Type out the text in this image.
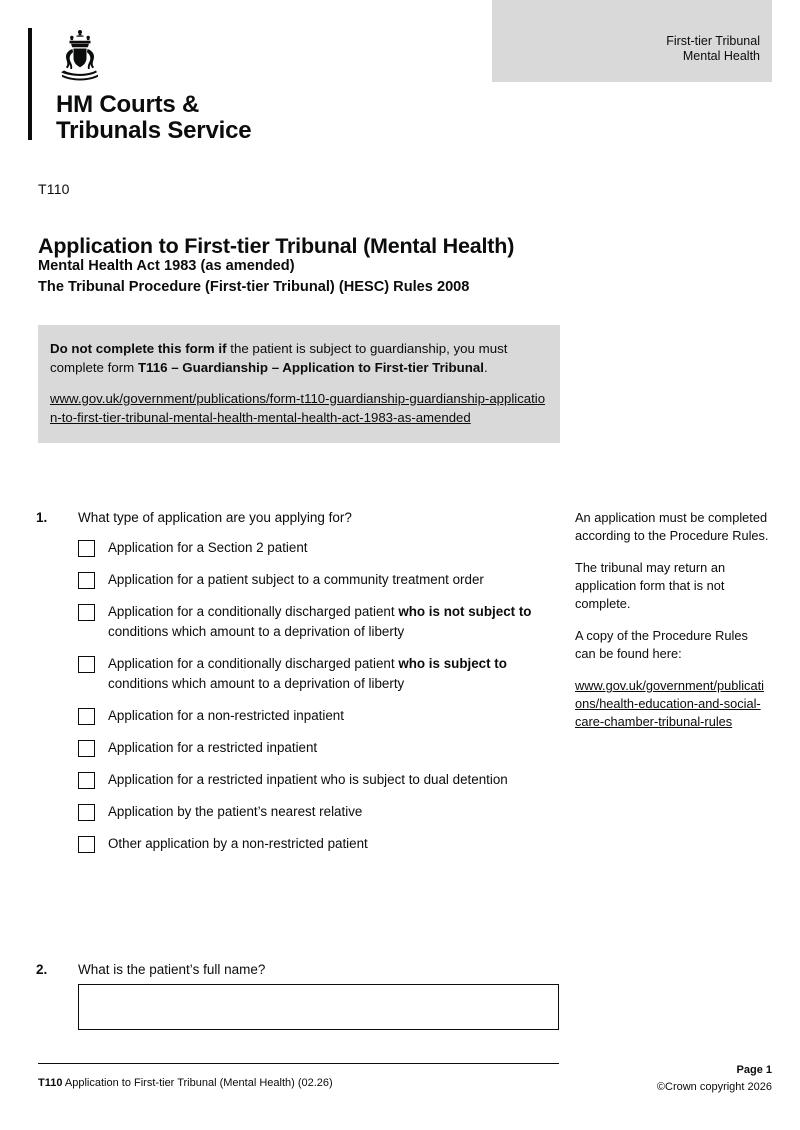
First-tier Tribunal
Mental Health
HM Courts &
Tribunals Service
T110
Application to First-tier Tribunal (Mental Health)
Mental Health Act 1983 (as amended)
The Tribunal Procedure (First-tier Tribunal) (HESC) Rules 2008

Do not complete this form if the patient is subject to guardianship, you must complete form T116 – Guardianship – Application to First-tier Tribunal.

www.gov.uk/government/publications/form-t110-guardianship-guardianship-application-to-first-tier-tribunal-mental-health-mental-health-act-1983-as-amended
1. What type of application are you applying for?
Application for a Section 2 patient
Application for a patient subject to a community treatment order
Application for a conditionally discharged patient who is not subject to conditions which amount to a deprivation of liberty
Application for a conditionally discharged patient who is subject to conditions which amount to a deprivation of liberty
Application for a non-restricted inpatient
Application for a restricted inpatient
Application for a restricted inpatient who is subject to dual detention
Application by the patient’s nearest relative
Other application by a non-restricted patient
2. What is the patient’s full name?

An application must be completed according to the Procedure Rules.

The tribunal may return an application form that is not complete.

A copy of the Procedure Rules can be found here:

www.gov.uk/government/publications/health-education-and-social-care-chamber-tribunal-rules
T110 Application to First-tier Tribunal (Mental Health) (02.26)
Page 1
©Crown copyright 2026
